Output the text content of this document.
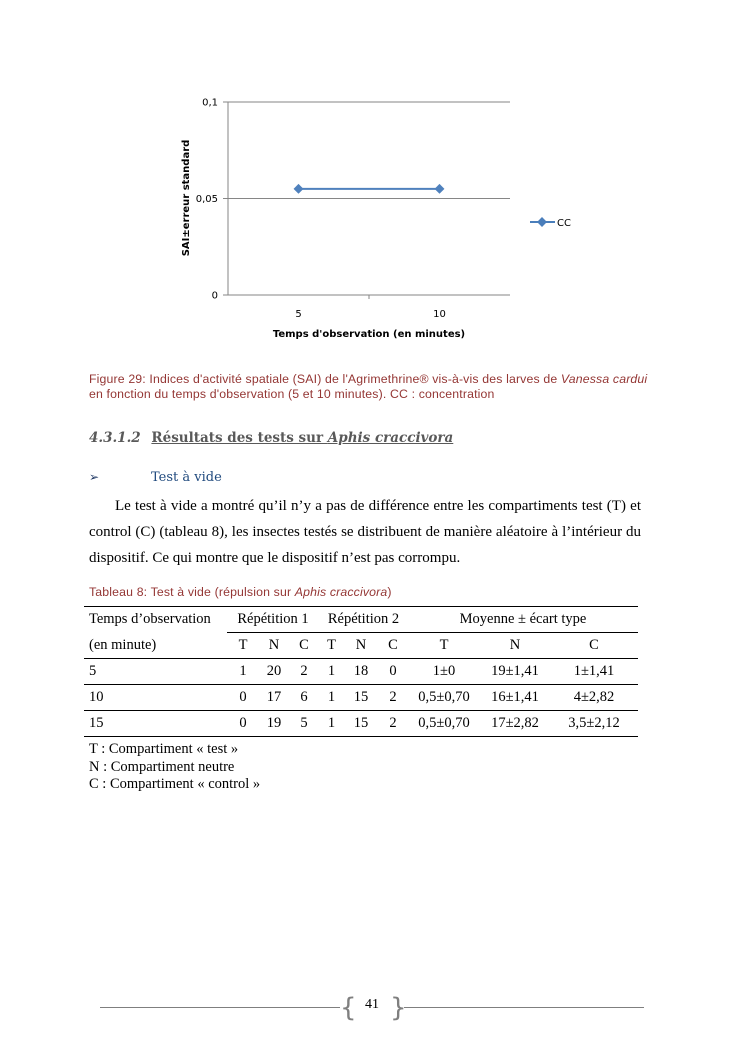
0
0,05
0,1
5	10
Temps d'observation (en minutes)
SAI±erreur standard	CC
Figure 29: Indices d'activité spatiale (SAI) de l'Agrimethrine® vis-à-vis des larves de Vanessa cardui en fonction du temps d'observation (5 et 10 minutes). CC : concentration
4.3.1.2 Résultats des tests sur Aphis craccivora
➢	Test à vide
Le test à vide a montré qu’il n’y a pas de différence entre les compartiments test (T) et control (C) (tableau 8), les insectes testés se distribuent de manière aléatoire à l’intérieur du dispositif. Ce qui montre que le dispositif n’est pas corrompu.
Tableau 8: Test à vide (répulsion sur Aphis craccivora)
Temps d’observation	Répétition 1			Répétition 2			Moyenne ± écart type		
(en minute)	T	N	C	T	N	C	T	N	C
5	1	20	2	1	18	0	1±0	19±1,41	1±1,41
10	0	17	6	1	15	2	0,5±0,70	16±1,41	4±2,82
15	0	19	5	1	15	2	0,5±0,70	17±2,82	3,5±2,12
T : Compartiment « test »
N : Compartiment neutre
C : Compartiment « control »
{ }
41
